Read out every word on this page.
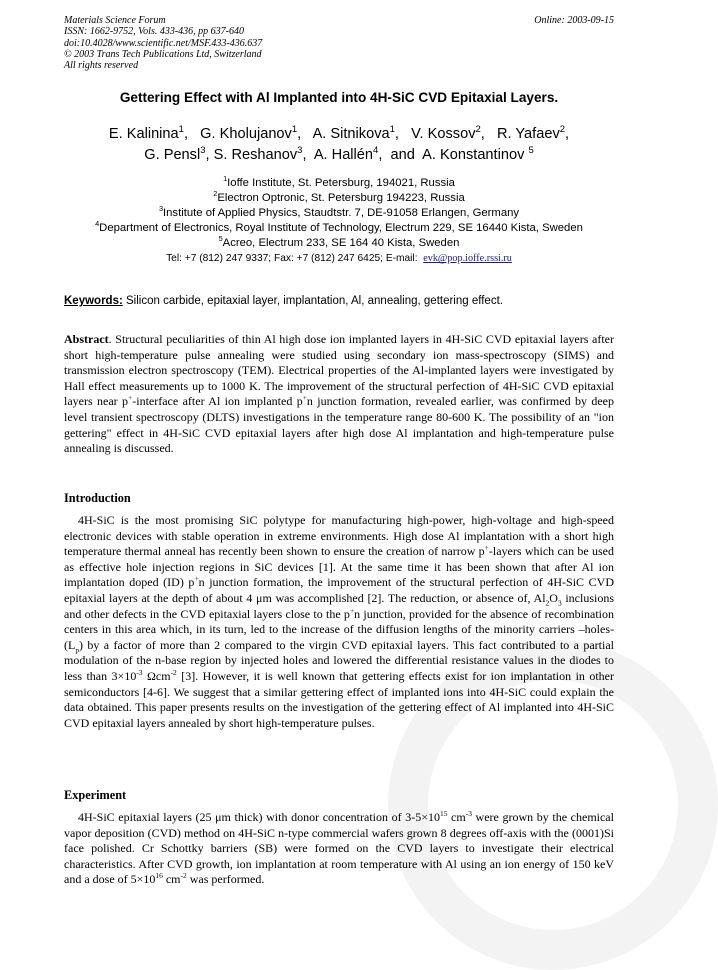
Materials Science Forum
ISSN: 1662-9752, Vols. 433-436, pp 637-640
doi:10.4028/www.scientific.net/MSF.433-436.637
© 2003 Trans Tech Publications Ltd, Switzerland
All rights reserved
Online: 2003-09-15
Gettering Effect with Al Implanted into 4H-SiC CVD Epitaxial Layers.
E. Kalinina$^1$,   G. Kholujanov$^1$,   A. Sitnikova$^1$,   V. Kossov$^2$,   R. Yafaev$^2$,
G. Pensl$^3$, S. Reshanov$^3$,  A. Hallén$^4$,  and A. Konstantinov $^5$
$^1$Ioffe Institute, St. Petersburg, 194021, Russia
$^2$Electron Optronic, St. Petersburg 194223, Russia
$^3$Institute of Applied Physics, Staudtstr. 7, DE-91058 Erlangen, Germany
$^4$Department of Electronics, Royal Institute of Technology, Electrum 229, SE 16440 Kista, Sweden
$^5$Acreo, Electrum 233, SE 164 40 Kista, Sweden
Tel: +7 (812) 247 9337; Fax: +7 (812) 247 6425; E-mail: evk@pop.ioffe.rssi.ru
Keywords: Silicon carbide, epitaxial layer, implantation, Al, annealing, gettering effect.

Abstract. Structural peculiarities of thin Al high dose ion implanted layers in 4H-SiC CVD epitaxial layers after short high-temperature pulse annealing were studied using secondary ion mass-spectroscopy (SIMS) and transmission electron spectroscopy (TEM). Electrical properties of the Al-implanted layers were investigated by Hall effect measurements up to 1000 K. The improvement of the structural perfection of 4H-SiC CVD epitaxial layers near p+-interface after Al ion implanted p+n junction formation, revealed earlier, was confirmed by deep level transient spectroscopy (DLTS) investigations in the temperature range 80-600 K. The possibility of an "ion gettering" effect in 4H-SiC CVD epitaxial layers after high dose Al implantation and high-temperature pulse annealing is discussed.

Introduction

4H-SiC is the most promising SiC polytype for manufacturing high-power, high-voltage and high-speed electronic devices with stable operation in extreme environments. High dose Al implantation with a short high temperature thermal anneal has recently been shown to ensure the creation of narrow p+-layers which can be used as effective hole injection regions in SiC devices [1]. At the same time it has been shown that after Al ion implantation doped (ID) p+n junction formation, the improvement of the structural perfection of 4H-SiC CVD epitaxial layers at the depth of about 4 μm was accomplished [2]. The reduction, or absence of, $Al_2O_3$ inclusions and other defects in the CVD epitaxial layers close to the p+n junction, provided for the absence of recombination centers in this area which, in its turn, led to the increase of the diffusion lengths of the minority carriers –holes- $(L_p)$ by a factor of more than 2 compared to the virgin CVD epitaxial layers. This fact contributed to a partial modulation of the n-base region by injected holes and lowered the differential resistance values in the diodes to less than $3\times 10^{-3}$ Ωcm$^{-2}$ [3]. However, it is well known that gettering effects exist for ion implantation in other semiconductors [4-6]. We suggest that a similar gettering effect of implanted ions into 4H-SiC could explain the data obtained. This paper presents results on the investigation of the gettering effect of Al implanted into 4H-SiC CVD epitaxial layers annealed by short high-temperature pulses.

Experiment

4H-SiC epitaxial layers (25 μm thick) with donor concentration of $3-5\times 10^{15}$ $cm^{-3}$ were grown by the chemical vapor deposition (CVD) method on 4H-SiC n-type commercial wafers grown 8 degrees off-axis with the (0001)Si face polished. Cr Schottky barriers (SB) were formed on the CVD layers to investigate their electrical characteristics. After CVD growth, ion implantation at room temperature with Al using an ion energy of 150 keV and a dose of $5\times 10^{16}$ $cm^{-2}$ was performed.
